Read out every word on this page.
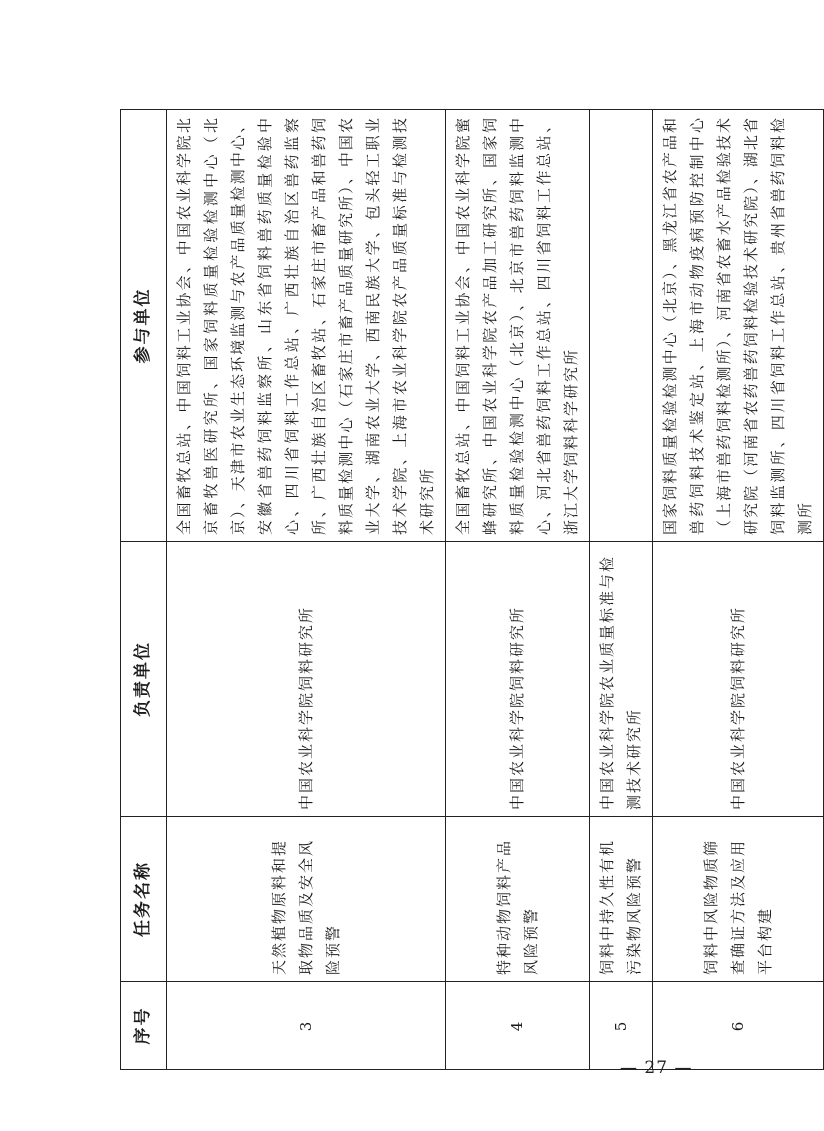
序号	任务名称	负责单位	参与单位
3	天然植物原料和提取物品质及安全风险预警	中国农业科学院饲料研究所	全国畜牧总站、中国饲料工业协会、中国农业科学院北京畜牧兽医研究所、国家饲料质量检验检测中心（北京）、天津市农业生态环境监测与农产品质量检测中心、安徽省兽药饲料监察所、山东省饲料兽药质量检验中心、四川省饲料工作总站、广西壮族自治区兽药监察所、广西壮族自治区畜牧站、石家庄市畜产品和兽药饲料质量检测中心（石家庄市畜产品质量研究所）、中国农业大学、湖南农业大学、西南民族大学、包头轻工职业技术学院、上海市农业科学院农产品质量标准与检测技术研究所
4	特种动物饲料产品风险预警	中国农业科学院饲料研究所	全国畜牧总站、中国饲料工业协会、中国农业科学院蜜蜂研究所、中国农业科学院农产品加工研究所、国家饲料质量检验检测中心（北京）、北京市兽药饲料监测中心、河北省兽药饲料工作总站、四川省饲料工作总站、浙江大学饲料科学研究所
5	饲料中持久性有机污染物风险预警	中国农业科学院农业质量标准与检测技术研究所	
6	饲料中风险物质筛查确证方法及应用平台构建	中国农业科学院饲料研究所	国家饲料质量检验检测中心（北京）、黑龙江省农产品和兽药饲料技术鉴定站、上海市动物疫病预防控制中心（上海市兽药饲料检测所）、河南省农畜水产品检验技术研究院（河南省农药兽药饲料检验技术研究院）、湖北省饲料监测所、四川省饲料工作总站、贵州省兽药饲料检测所
— 27 —
